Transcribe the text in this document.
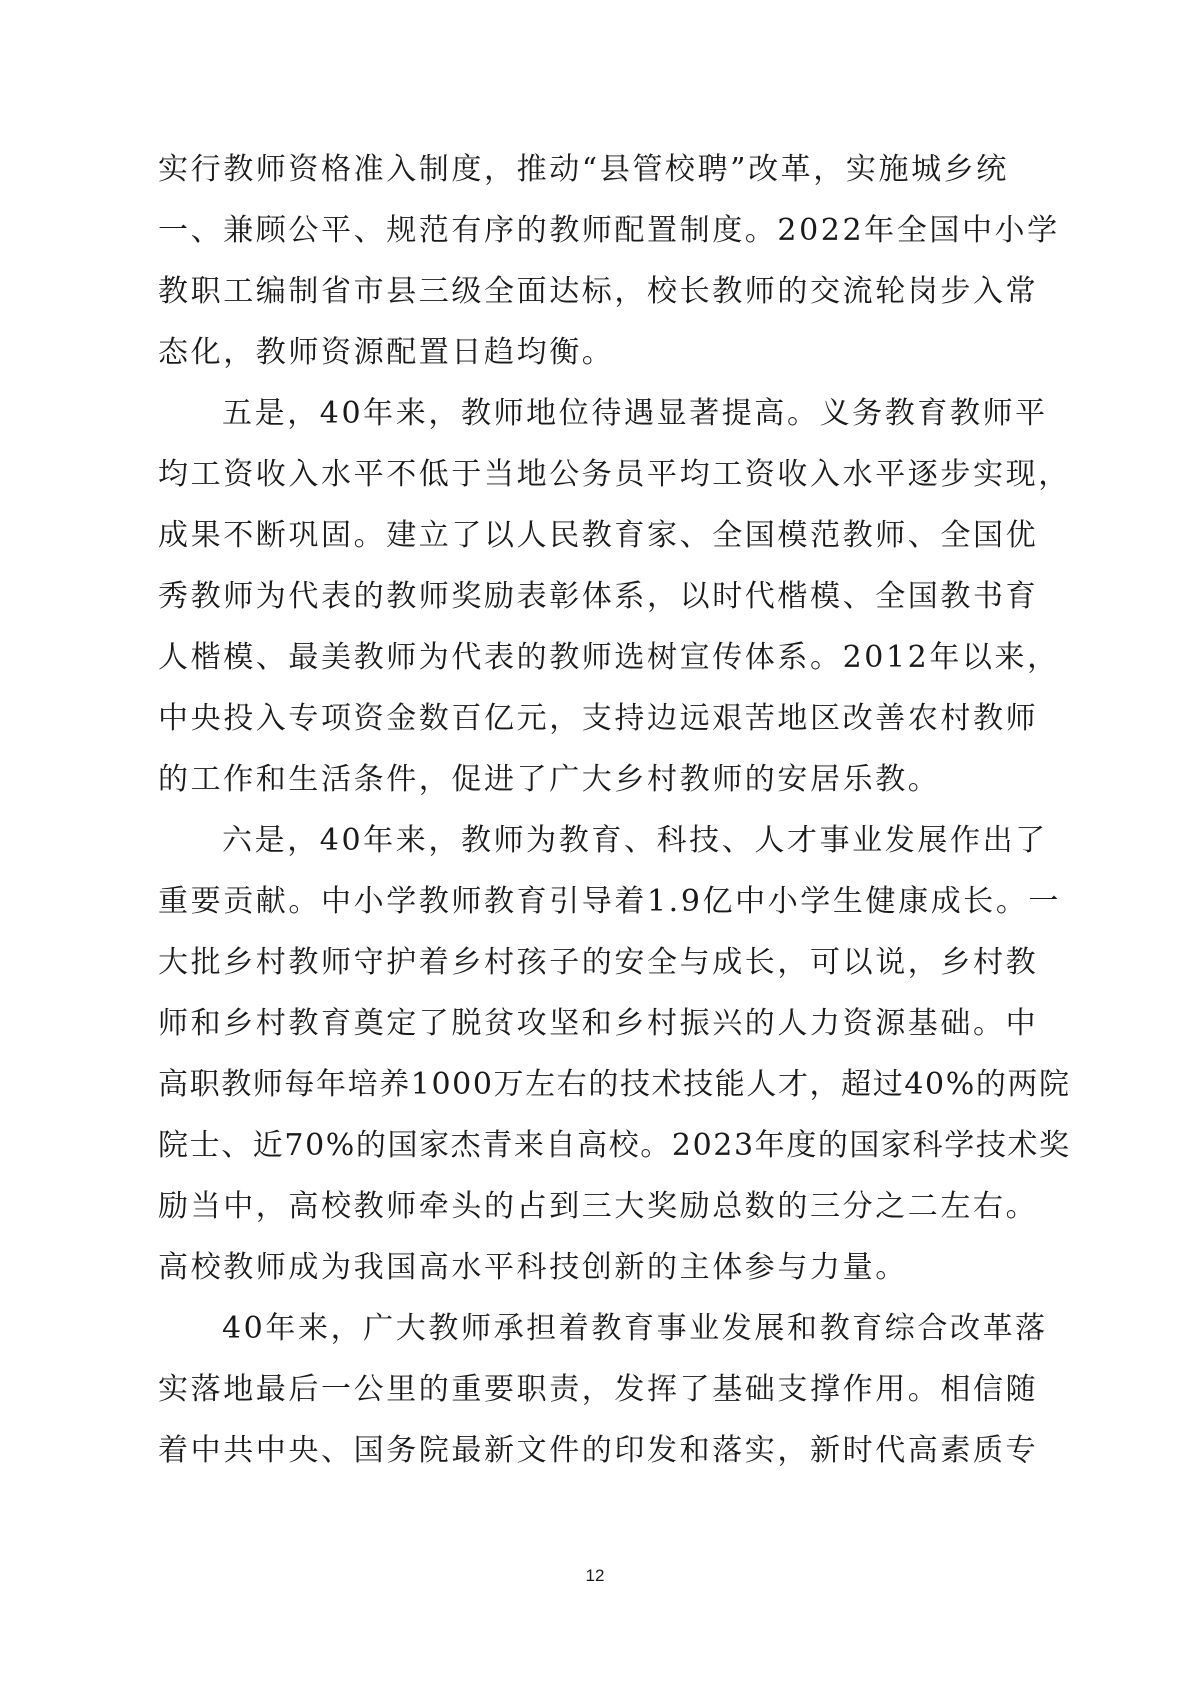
实行教师资格准入制度，推动“县管校聘”改革，实施城乡统
一、兼顾公平、规范有序的教师配置制度。2022年全国中小学
教职工编制省市县三级全面达标，校长教师的交流轮岗步入常
态化，教师资源配置日趋均衡。
五是，40年来，教师地位待遇显著提高。义务教育教师平
均工资收入水平不低于当地公务员平均工资收入水平逐步实现，
成果不断巩固。建立了以人民教育家、全国模范教师、全国优
秀教师为代表的教师奖励表彰体系，以时代楷模、全国教书育
人楷模、最美教师为代表的教师选树宣传体系。2012年以来，
中央投入专项资金数百亿元，支持边远艰苦地区改善农村教师
的工作和生活条件，促进了广大乡村教师的安居乐教。
六是，40年来，教师为教育、科技、人才事业发展作出了
重要贡献。中小学教师教育引导着1.9亿中小学生健康成长。一
大批乡村教师守护着乡村孩子的安全与成长，可以说，乡村教
师和乡村教育奠定了脱贫攻坚和乡村振兴的人力资源基础。中
高职教师每年培养1000万左右的技术技能人才，超过40%的两院
院士、近70%的国家杰青来自高校。2023年度的国家科学技术奖
励当中，高校教师牵头的占到三大奖励总数的三分之二左右。
高校教师成为我国高水平科技创新的主体参与力量。
40年来，广大教师承担着教育事业发展和教育综合改革落
实落地最后一公里的重要职责，发挥了基础支撑作用。相信随
着中共中央、国务院最新文件的印发和落实，新时代高素质专
12
